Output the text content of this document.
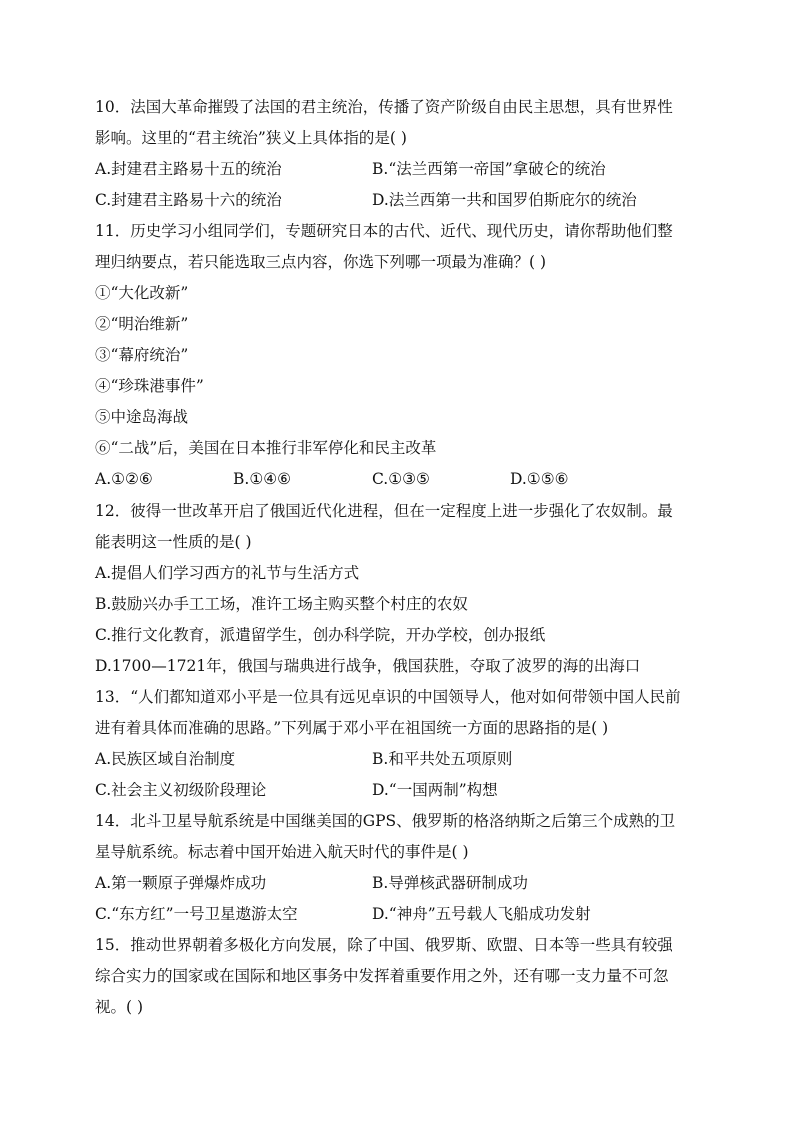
10．法国大革命摧毁了法国的君主统治，传播了资产阶级自由民主思想，具有世界性
影响。这里的“君主统治”狭义上具体指的是( )
A.封建君主路易十五的统治	B.“法兰西第一帝国”拿破仑的统治
C.封建君主路易十六的统治	D.法兰西第一共和国罗伯斯庇尔的统治
11．历史学习小组同学们，专题研究日本的古代、近代、现代历史，请你帮助他们整
理归纳要点，若只能选取三点内容，你选下列哪一项最为准确？( )
①“大化改新”
②“明治维新”
③“幕府统治”
④“珍珠港事件”
⑤中途岛海战
⑥“二战”后，美国在日本推行非军停化和民主改革
A.①②⑥	B.①④⑥	C.①③⑤	D.①⑤⑥
12．彼得一世改革开启了俄国近代化进程，但在一定程度上进一步强化了农奴制。最
能表明这一性质的是( )
A.提倡人们学习西方的礼节与生活方式
B.鼓励兴办手工工场，准许工场主购买整个村庄的农奴
C.推行文化教育，派遣留学生，创办科学院，开办学校，创办报纸
D.1700—1721年，俄国与瑞典进行战争，俄国获胜，夺取了波罗的海的出海口
13．“人们都知道邓小平是一位具有远见卓识的中国领导人，他对如何带领中国人民前
进有着具体而准确的思路。”下列属于邓小平在祖国统一方面的思路指的是( )
A.民族区域自治制度	B.和平共处五项原则
C.社会主义初级阶段理论	D.“一国两制”构想
14．北斗卫星导航系统是中国继美国的GPS、俄罗斯的格洛纳斯之后第三个成熟的卫
星导航系统。标志着中国开始进入航天时代的事件是( )
A.第一颗原子弹爆炸成功	B.导弹核武器研制成功
C.“东方红”一号卫星遨游太空	D.“神舟”五号载人飞船成功发射
15．推动世界朝着多极化方向发展，除了中国、俄罗斯、欧盟、日本等一些具有较强
综合实力的国家或在国际和地区事务中发挥着重要作用之外，还有哪一支力量不可忽
视。( )
